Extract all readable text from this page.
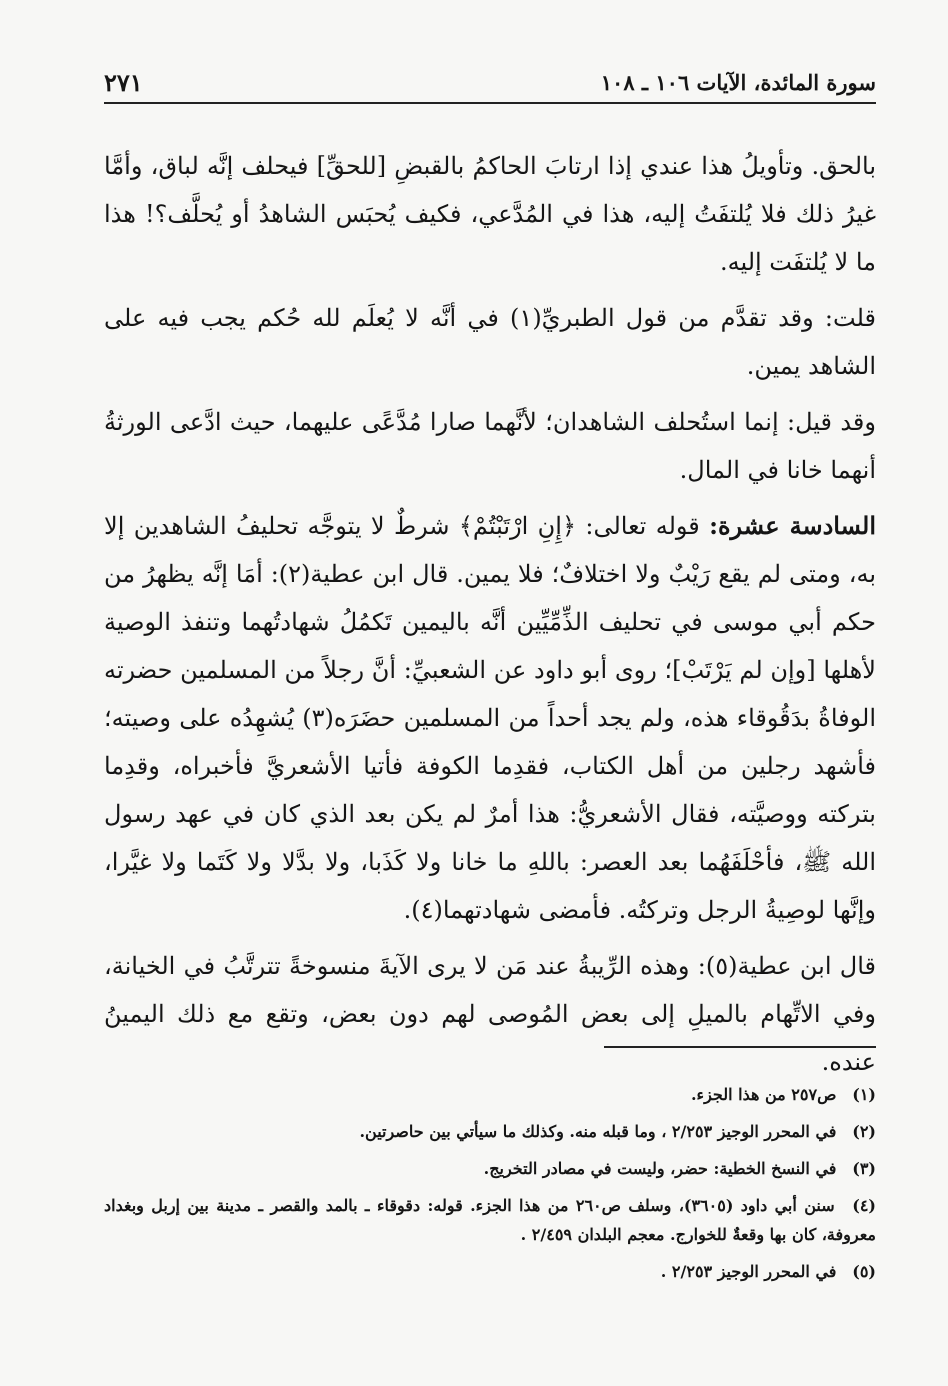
سورة المائدة، الآيات ١٠٦ ـ ١٠٨
٢٧١

بالحق. وتأويلُ هذا عندي إذا ارتابَ الحاكمُ بالقبضِ [للحقِّ] فيحلف إنَّه لباق، وأمَّا غيرُ ذلك فلا يُلتفَتُ إليه، هذا في المُدَّعي، فكيف يُحبَس الشاهدُ أو يُحلَّف؟! هذا ما لا يُلتفَت إليه.

قلت: وقد تقدَّم من قول الطبريِّ(١) في أنَّه لا يُعلَم لله حُكم يجب فيه على الشاهد يمين.

وقد قيل: إنما استُحلف الشاهدان؛ لأنَّهما صارا مُدَّعًى عليهما، حيث ادَّعى الورثةُ أنهما خانا في المال.

السادسة عشرة: قوله تعالى: ﴿إِنِ ارْتَبْتُمْ﴾ شرطٌ لا يتوجَّه تحليفُ الشاهدين إلا به، ومتى لم يقع رَيْبٌ ولا اختلافٌ؛ فلا يمين. قال ابن عطية(٢): أمَا إنَّه يظهرُ من حكم أبي موسى في تحليف الذِّمِّيِّين أنَّه باليمين تَكمُلُ شهادتُهما وتنفذ الوصية لأهلها [وإن لم يَرْتَبْ]؛ روى أبو داود عن الشعبيِّ: أنَّ رجلاً من المسلمين حضرته الوفاةُ بدَقُوقاء هذه، ولم يجد أحداً من المسلمين حضَرَه(٣) يُشهِدُه على وصيته؛ فأشهد رجلين من أهل الكتاب، فقدِما الكوفة فأتيا الأشعريَّ فأخبراه، وقدِما بتركته ووصيَّته، فقال الأشعريُّ: هذا أمرٌ لم يكن بعد الذي كان في عهد رسول الله ﷺ، فأحْلَفَهُما بعد العصر: باللهِ ما خانا ولا كَذَبا، ولا بدَّلا ولا كَتَما ولا غيَّرا، وإنَّها لوصِيةُ الرجل وتركتُه. فأمضى شهادتهما(٤).

قال ابن عطية(٥): وهذه الرِّيبةُ عند مَن لا يرى الآيةَ منسوخةً تترتَّبُ في الخيانة، وفي الاتِّهام بالميلِ إلى بعض المُوصى لهم دون بعض، وتقع مع ذلك اليمينُ عنده.

(١) ص٢٥٧ من هذا الجزء.
(٢) في المحرر الوجيز ٢/٢٥٣ ، وما قبله منه. وكذلك ما سيأتي بين حاصرتين.
(٣) في النسخ الخطية: حضر، وليست في مصادر التخريج.
(٤) سنن أبي داود (٣٦٠٥)، وسلف ص٢٦٠ من هذا الجزء. قوله: دقوقاء ـ بالمد والقصر ـ مدينة بين إربل وبغداد معروفة، كان بها وقعةٌ للخوارج. معجم البلدان ٢/٤٥٩ .
(٥) في المحرر الوجيز ٢/٢٥٣ .
